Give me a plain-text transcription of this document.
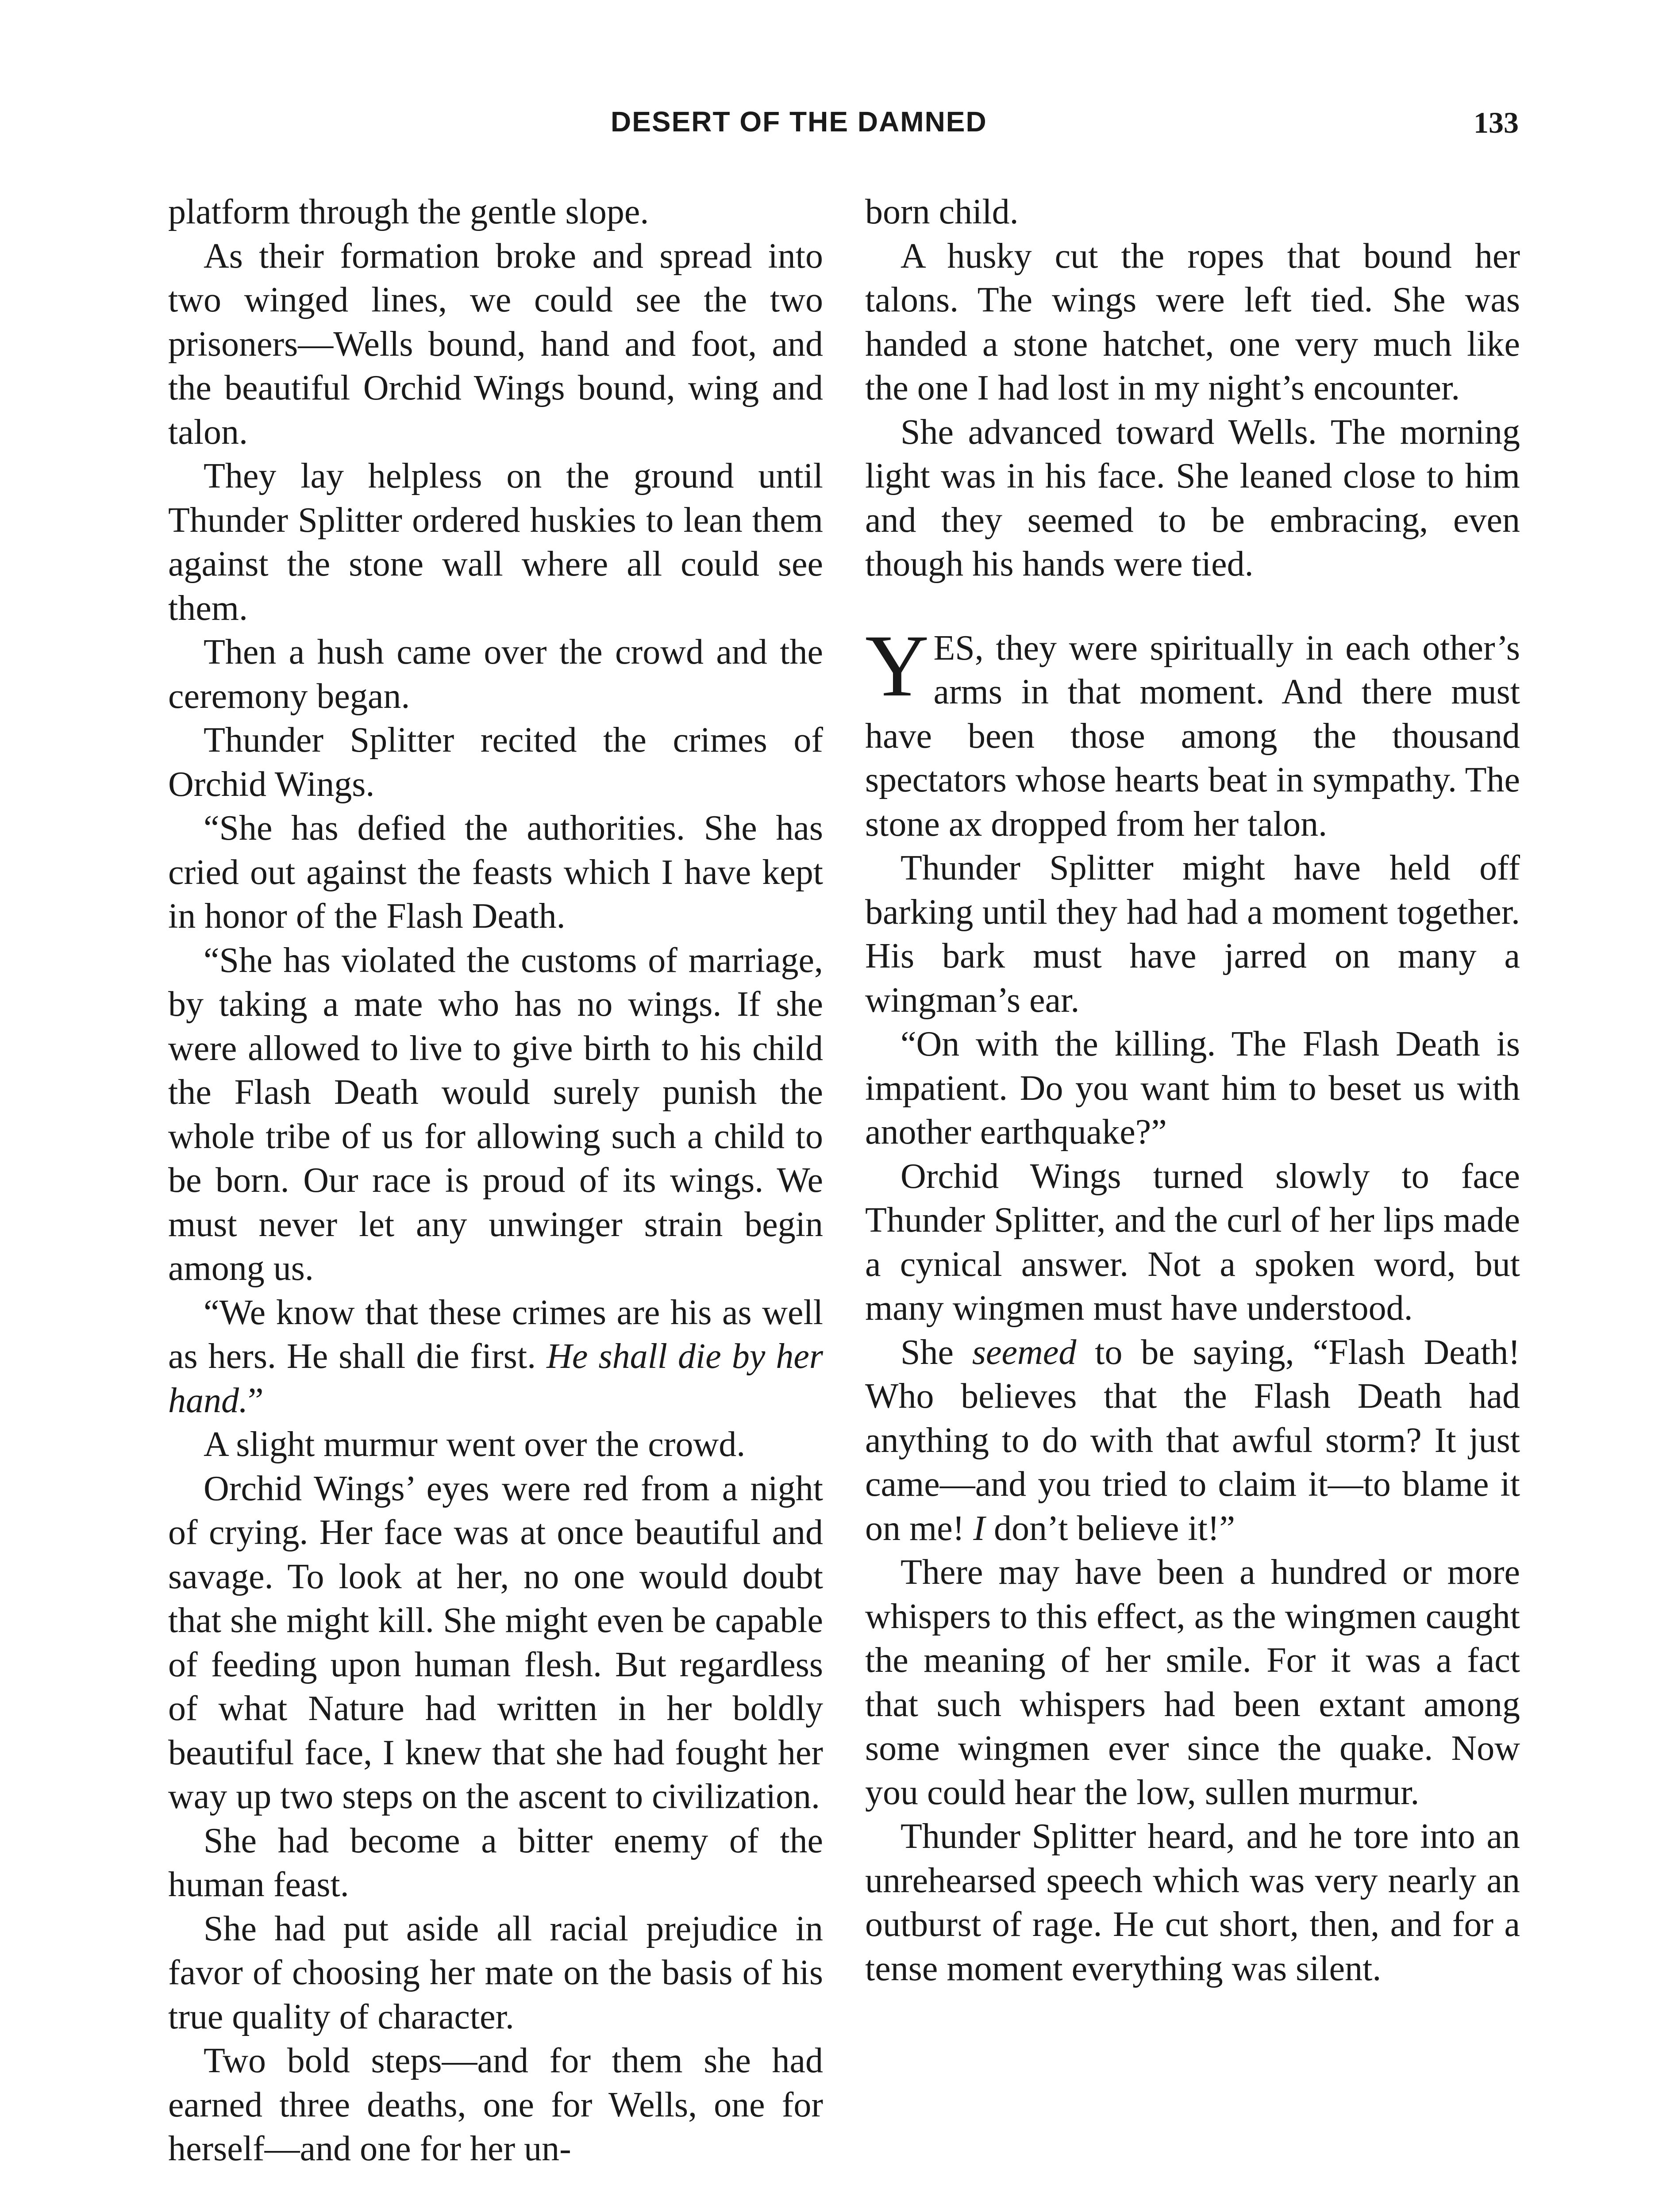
DESERT OF THE DAMNED	133

platform through the gentle slope.

As their formation broke and spread into two winged lines, we could see the two prisoners—Wells bound, hand and foot, and the beautiful Orchid Wings bound, wing and talon.

They lay helpless on the ground until Thunder Splitter ordered huskies to lean them against the stone wall where all could see them.

Then a hush came over the crowd and the ceremony began.

Thunder Splitter recited the crimes of Orchid Wings.

“She has defied the authorities. She has cried out against the feasts which I have kept in honor of the Flash Death.

“She has violated the customs of marriage, by taking a mate who has no wings. If she were allowed to live to give birth to his child the Flash Death would surely punish the whole tribe of us for allowing such a child to be born. Our race is proud of its wings. We must never let any unwinger strain begin among us.

“We know that these crimes are his as well as hers. He shall die first. He shall die by her hand.”

A slight murmur went over the crowd.

Orchid Wings’ eyes were red from a night of crying. Her face was at once beautiful and savage. To look at her, no one would doubt that she might kill. She might even be capable of feeding upon human flesh. But regardless of what Nature had written in her boldly beautiful face, I knew that she had fought her way up two steps on the ascent to civilization.

She had become a bitter enemy of the human feast.

She had put aside all racial prejudice in favor of choosing her mate on the basis of his true quality of character.

Two bold steps—and for them she had earned three deaths, one for Wells, one for herself—and one for her un-

born child.

A husky cut the ropes that bound her talons. The wings were left tied. She was handed a stone hatchet, one very much like the one I had lost in my night’s encounter.

She advanced toward Wells. The morning light was in his face. She leaned close to him and they seemed to be embracing, even though his hands were tied.

YES, they were spiritually in each other’s arms in that moment. And there must have been those among the thousand spectators whose hearts beat in sympathy. The stone ax dropped from her talon.

Thunder Splitter might have held off barking until they had had a moment together. His bark must have jarred on many a wingman’s ear.

“On with the killing. The Flash Death is impatient. Do you want him to beset us with another earthquake?”

Orchid Wings turned slowly to face Thunder Splitter, and the curl of her lips made a cynical answer. Not a spoken word, but many wingmen must have understood.

She seemed to be saying, “Flash Death! Who believes that the Flash Death had anything to do with that awful storm? It just came—and you tried to claim it—to blame it on me! I don’t believe it!”

There may have been a hundred or more whispers to this effect, as the wingmen caught the meaning of her smile. For it was a fact that such whispers had been extant among some wingmen ever since the quake. Now you could hear the low, sullen murmur.

Thunder Splitter heard, and he tore into an unrehearsed speech which was very nearly an outburst of rage. He cut short, then, and for a tense moment everything was silent.
